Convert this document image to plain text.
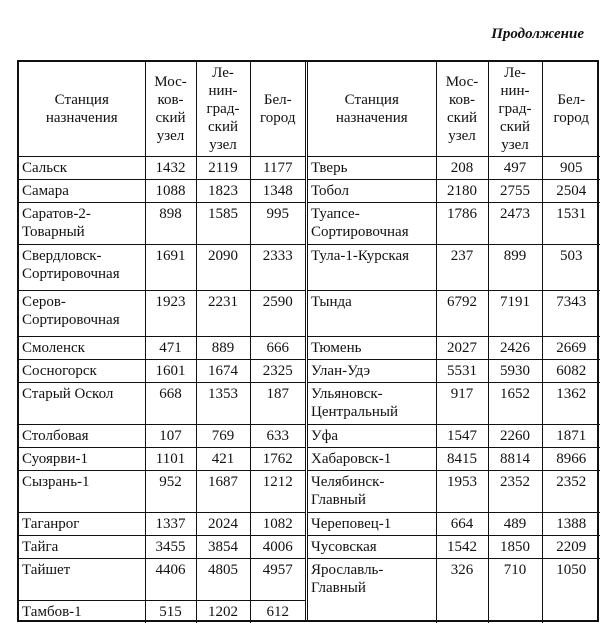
Продолжение
Станция назначения	Мос-ков-ский узел	Ле-нин-град-ский узел	Бел-город
Сальск	1432	2119	1177
Самара	1088	1823	1348
Саратов-2-Товарный	898	1585	995
Свердловск-Сортировочная	1691	2090	2333
Серов-Сортировочная	1923	2231	2590
Смоленск	471	889	666
Сосногорск	1601	1674	2325
Старый Оскол	668	1353	187
Столбовая	107	769	633
Суоярви-1	1101	421	1762
Сызрань-1	952	1687	1212
Таганрог	1337	2024	1082
Тайга	3455	3854	4006
Тайшет	4406	4805	4957
Тамбов-1	515	1202	612
Станция назначения	Мос-ков-ский узел	Ле-нин-град-ский узел	Бел-город
Тверь	208	497	905
Тобол	2180	2755	2504
Туапсе-Сортировочная	1786	2473	1531
Тула-1-Курская	237	899	503
Тында	6792	7191	7343
Тюмень	2027	2426	2669
Улан-Удэ	5531	5930	6082
Ульяновск-Центральный	917	1652	1362
Уфа	1547	2260	1871
Хабаровск-1	8415	8814	8966
Челябинск-Главный	1953	2352	2352
Череповец-1	664	489	1388
Чусовская	1542	1850	2209
Ярославль-Главный	326	710	1050
